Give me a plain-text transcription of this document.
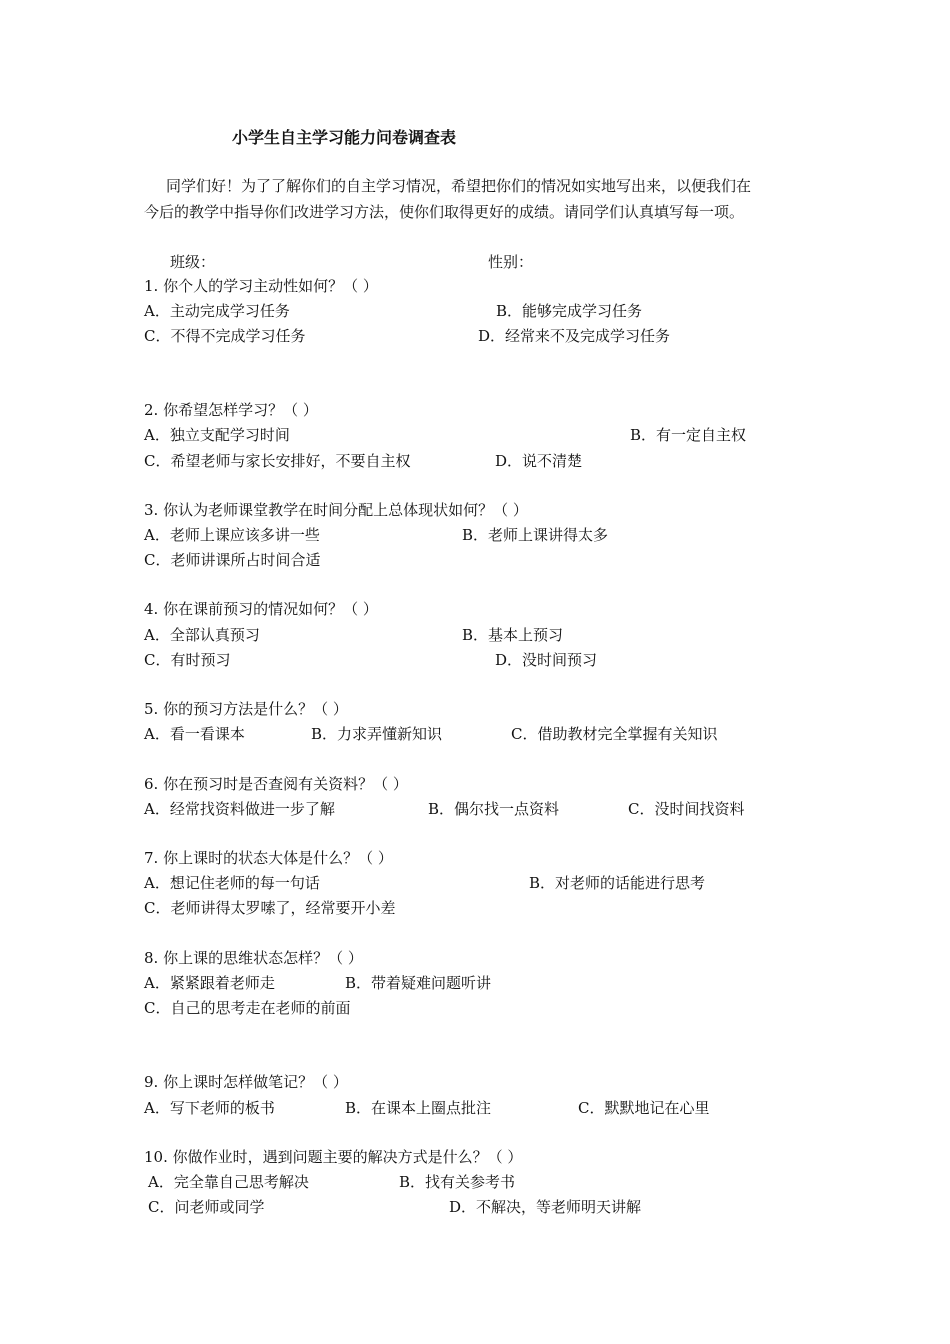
小学生自主学习能力问卷调查表
同学们好！为了了解你们的自主学习情况，希望把你们的情况如实地写出来，以便我们在
今后的教学中指导你们改进学习方法，使你们取得更好的成绩。请同学们认真填写每一项。
班级：	性别：
1. 你个人的学习主动性如何？（ ）
A．主动完成学习任务	B．能够完成学习任务
C．不得不完成学习任务	D．经常来不及完成学习任务
2. 你希望怎样学习？（ ）
A．独立支配学习时间	B．有一定自主权
C．希望老师与家长安排好，不要自主权	D．说不清楚
3. 你认为老师课堂教学在时间分配上总体现状如何？（ ）
A．老师上课应该多讲一些	B．老师上课讲得太多
C．老师讲课所占时间合适
4. 你在课前预习的情况如何？（ ）
A．全部认真预习	B．基本上预习
C．有时预习	D．没时间预习
5. 你的预习方法是什么？（ ）
A．看一看课本	B．力求弄懂新知识	C．借助教材完全掌握有关知识
6. 你在预习时是否查阅有关资料？（ ）
A．经常找资料做进一步了解	B．偶尔找一点资料	C．没时间找资料
7. 你上课时的状态大体是什么？（ ）
A．想记住老师的每一句话	B．对老师的话能进行思考
C．老师讲得太罗嗦了，经常要开小差
8. 你上课的思维状态怎样？（ ）
A．紧紧跟着老师走	B．带着疑难问题听讲
C．自己的思考走在老师的前面
9. 你上课时怎样做笔记？（ ）
A．写下老师的板书	B．在课本上圈点批注	C．默默地记在心里
10. 你做作业时，遇到问题主要的解决方式是什么？（ ）
A．完全靠自己思考解决	B．找有关参考书
C．问老师或同学	D．不解决，等老师明天讲解
